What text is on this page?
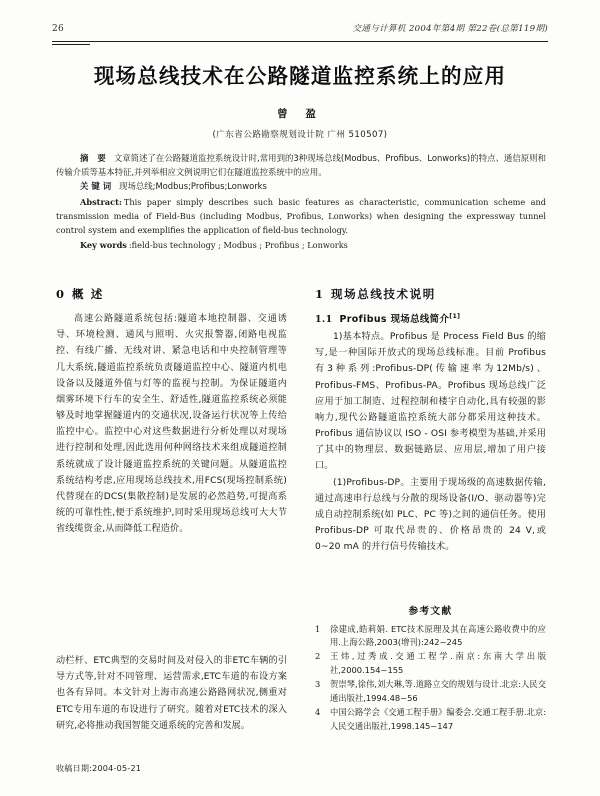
26	交通与计算机 2004年第4期 第22卷(总第119期)
现场总线技术在公路隧道监控系统上的应用
曾 盈
(广东省公路勘察规划设计院 广州 510507)

摘 要 文章简述了在公路隧道监控系统设计时,常用到的3种现场总线(Modbus、Profibus、Lonworks)的特点、通信原则和传输介质等基本特征,并列举相应文例说明它们在隧道监控系统中的应用。

关键词 现场总线;Modbus;Profibus;Lonworks

Abstract: This paper simply describes such basic features as characteristic, communication scheme and transmission media of Field-Bus (including Modbus, Profibus, Lonworks) when designing the expressway tunnel control system and exemplifies the application of field-bus technology.

Key words :field-bus technology ; Modbus ; Profibus ; Lonworks

0 概 述

高速公路隧道系统包括:隧道本地控制器、交通诱导、环境检测、通风与照明、火灾报警器,闭路电视监控、有线广播、无线对讲、紧急电话和中央控制管理等几大系统,隧道监控系统负责隧道监控中心、隧道内机电设备以及隧道外值与灯等的监视与控制。为保证隧道内烟雾环境下行车的安全生、舒适性,隧道监控系统必须能够及时地掌握隧道内的交通状况,设备运行状况等上传给监控中心。监控中心对这些数据进行分析处理以对现场进行控制和处理,因此选用何种网络技术来组成隧道控制系统就成了设计隧道监控系统的关键问题。从隧道监控系统结构考虑,应用现场总线技术,用FCS(现场控制系统)代替现在的DCS(集散控制)是发展的必然趋势,可提高系统的可靠性性,便于系统维护,同时采用现场总线可大大节省线缆资金,从而降低工程造价。

动栏杆、ETC典型的交易时间及对侵入的非ETC车辆的引导方式等,针对不同管理、运营需求,ETC车道的布设方案也各有异同。本文针对上海市高速公路路网状况,侧重对ETC专用车道的布设进行了研究。随着对ETC技术的深入研究,必将推动我国智能交通系统的完善和发展。

1 现场总线技术说明
1.1 Profibus 现场总线简介[1]

1)基本特点。Profibus 是 Process Field Bus 的缩写,是一种国际开放式的现场总线标准。目前 Profibus 有3种系列:Profibus-DP(传输速率为12Mb/s)、Profibus-FMS、Profibus-PA。Profibus 现场总线广泛应用于加工制造、过程控制和楼宇自动化,具有较强的影响力,现代公路隧道监控系统大部分都采用这种技术。Profibus 通信协议以 ISO - OSI 参考模型为基础,并采用了其中的物理层、数据链路层、应用层,增加了用户接口。

(1)Profibus-DP。主要用于现场级的高速数据传输,通过高速串行总线与分散的现场设备(I/O、驱动器等)完成自动控制系统(如 PLC、PC 等)之间的通信任务。使用 Profibus-DP 可取代昂贵的、价格昂贵的 24 V,或 0~20 mA 的并行信号传输技术。

参考文献
1	徐建成,皓莉娟. ETC技术原理及其在高速公路收费中的应用.上海公路,2003(增刊):242~245
2	王炜,过秀成.交通工程学.南京:东南大学出版社,2000.154~155
3	贺崇琴,徐伟,刘大琳,等.道路立交的规划与设计.北京:人民交通出版社,1994.48~56
4	中国公路学会《交通工程手册》编委会.交通工程手册.北京:人民交通出版社,1998.145~147
收稿日期:2004-05-21
